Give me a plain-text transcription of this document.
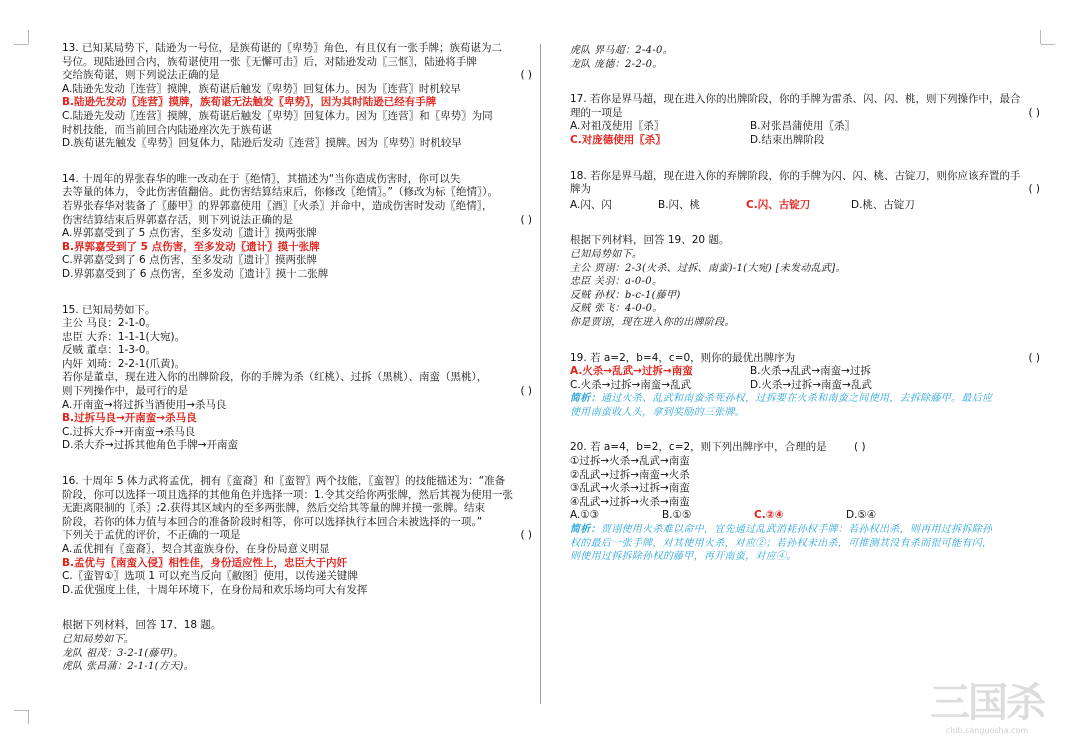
13. 已知某局势下，陆逊为一号位，是族荀谌的〖卑势〗角色，有且仅有一张手牌；族荀谌为二
号位。现陆逊回合内，族荀谌使用一张〖无懈可击〗后，对陆逊发动〖三恇〗，陆逊将手牌
交给族荀谌，则下列说法正确的是	( )
A.陆逊先发动〖连营〗摸牌，族荀谌后触发〖卑势〗回复体力。因为〖连营〗时机较早
B.陆逊先发动〖连营〗摸牌，族荀谌无法触发〖卑势〗，因为其时陆逊已经有手牌
C.陆逊先发动〖连营〗摸牌，族荀谌后触发〖卑势〗回复体力。因为〖连营〗和〖卑势〗为同
时机技能，而当前回合内陆逊座次先于族荀谌
D.族荀谌先触发〖卑势〗回复体力，陆逊后发动〖连营〗摸牌。因为〖卑势〗时机较早
14. 十周年的界张春华的唯一改动在于〖绝情〗，其描述为“当你造成伤害时，你可以失
去等量的体力，令此伤害值翻倍。此伤害结算结束后，你修改〖绝情〗。”（修改为标〖绝情〗）。
若界张春华对装备了〖藤甲〗的界郭嘉使用〖酒〗〖火杀〗并命中，造成伤害时发动〖绝情〗，
伤害结算结束后界郭嘉存活，则下列说法正确的是	( )
A.界郭嘉受到了 5 点伤害，至多发动〖遗计〗摸两张牌
B.界郭嘉受到了 5 点伤害，至多发动〖遗计〗摸十张牌
C.界郭嘉受到了 6 点伤害，至多发动〖遗计〗摸两张牌
D.界郭嘉受到了 6 点伤害，至多发动〖遗计〗摸十二张牌
15. 已知局势如下。
主公 马良：2-1-0。
忠臣 大乔：1-1-1(大宛)。
反贼 董卓：1-3-0。
内奸 刘琦：2-2-1(爪黄)。
若你是董卓，现在进入你的出牌阶段，你的手牌为杀（红桃）、过拆（黑桃）、南蛮（黑桃），
则下列操作中，最可行的是	( )
A.开南蛮→将过拆当酒使用→杀马良
B.过拆马良→开南蛮→杀马良
C.过拆大乔→开南蛮→杀马良
D.杀大乔→过拆其他角色手牌→开南蛮
16. 十周年 5 体力武将孟优，拥有〖蛮裔〗和〖蛮智〗两个技能，〖蛮智〗的技能描述为：“准备
阶段，你可以选择一项且选择的其他角色并选择一项：1.令其交给你两张牌，然后其视为使用一张
无距离限制的〖杀〗;2.获得其区域内的至多两张牌，然后交给其等量的牌并摸一张牌。结束
阶段，若你的体力值与本回合的准备阶段时相等，你可以选择执行本回合未被选择的一项。”
下列关于孟优的评价，不正确的一项是	( )
A.孟优拥有〖蛮裔〗，契合其蛮族身份，在身份局意义明显
B.孟优与〖南蛮入侵〗相性佳，身份适应性上，忠臣大于内奸
C.〖蛮智①〗选项 1 可以充当反向〖敝图〗使用，以传递关键牌
D.孟优强度上佳，十周年环境下，在身份局和欢乐场均可大有发挥
根据下列材料，回答 17、18 题。
已知局势如下。
龙队 祖茂：3-2-1(藤甲)。
虎队 张昌蒲：2-1-1(方天)。
虎队 界马超：2-4-0。
龙队 庞德：2-2-0。
17. 若你是界马超，现在进入你的出牌阶段，你的手牌为雷杀、闪、闪、桃，则下列操作中，最合
理的一项是	( )
A.对祖茂使用〖杀〗	B.对张昌蒲使用〖杀〗
C.对庞德使用〖杀〗	D.结束出牌阶段
18. 若你是界马超，现在进入你的弃牌阶段，你的手牌为闪、闪、桃、古锭刀，则你应该弃置的手
牌为	( )
A.闪、闪	B.闪、桃	C.闪、古锭刀	D.桃、古锭刀
根据下列材料，回答 19、20 题。
已知局势如下。
主公 贾诩：2-3(火杀、过拆、南蛮)-1(大宛) [未发动乱武]。
忠臣 关羽：a-0-0。
反贼 孙权：b-c-1(藤甲)
反贼 张飞：4-0-0。
你是贾诩，现在进入你的出牌阶段。
19. 若 a=2，b=4，c=0，则你的最优出牌序为	( )
A.火杀→乱武→过拆→南蛮	B.火杀→乱武→南蛮→过拆
C.火杀→过拆→南蛮→乱武	D.火杀→过拆→南蛮→乱武
简析：通过火杀、乱武和南蛮杀死孙权，过拆要在火杀和南蛮之间使用，去拆除藤甲。最后应
使用南蛮收人头，拿到奖励的三张牌。
20. 若 a=4，b=2，c=2，则下列出牌序中，合理的是	( )
①过拆→火杀→乱武→南蛮
②乱武→过拆→南蛮→火杀
③乱武→火杀→过拆→南蛮
④乱武→过拆→火杀→南蛮
A.①③	B.①⑤	C.②④	D.⑤④
简析：贾诩使用火杀难以命中，宜先通过乱武消耗孙权手牌：若孙权出杀，则再用过拆拆除孙
权的最后一张手牌，对其使用火杀，对应②；若孙权未出杀，可推测其没有杀而很可能有闪，
则使用过拆拆除孙权的藤甲，再开南蛮，对应④。
三国杀
club.sanguosha.com
